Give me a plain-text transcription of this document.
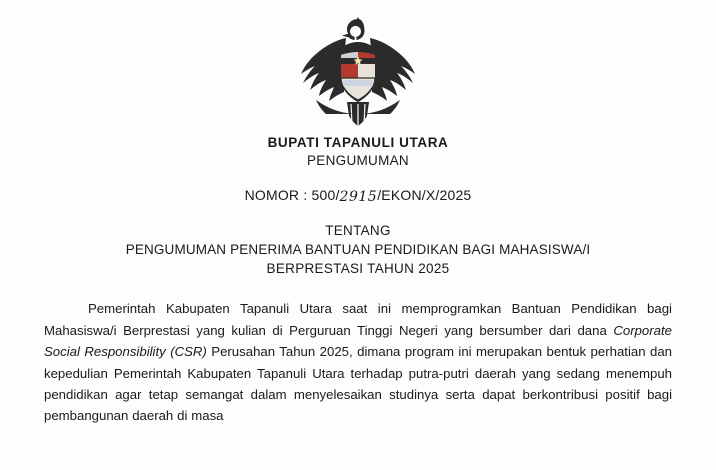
BUPATI TAPANULI UTARA
PENGUMUMAN
NOMOR : 500/2915/EKON/X/2025
TENTANG
PENGUMUMAN PENERIMA BANTUAN PENDIDIKAN BAGI MAHASISWA/I
BERPRESTASI TAHUN 2025

Pemerintah Kabupaten Tapanuli Utara saat ini memprogramkan Bantuan Pendidikan bagi Mahasiswa/i Berprestasi yang kulian di Perguruan Tinggi Negeri yang bersumber dari dana Corporate Social Responsibility (CSR) Perusahan Tahun 2025, dimana program ini merupakan bentuk perhatian dan kepedulian Pemerintah Kabupaten Tapanuli Utara terhadap putra-putri daerah yang sedang menempuh pendidikan agar tetap semangat dalam menyelesaikan studinya serta dapat berkontribusi positif bagi pembangunan daerah di masa
